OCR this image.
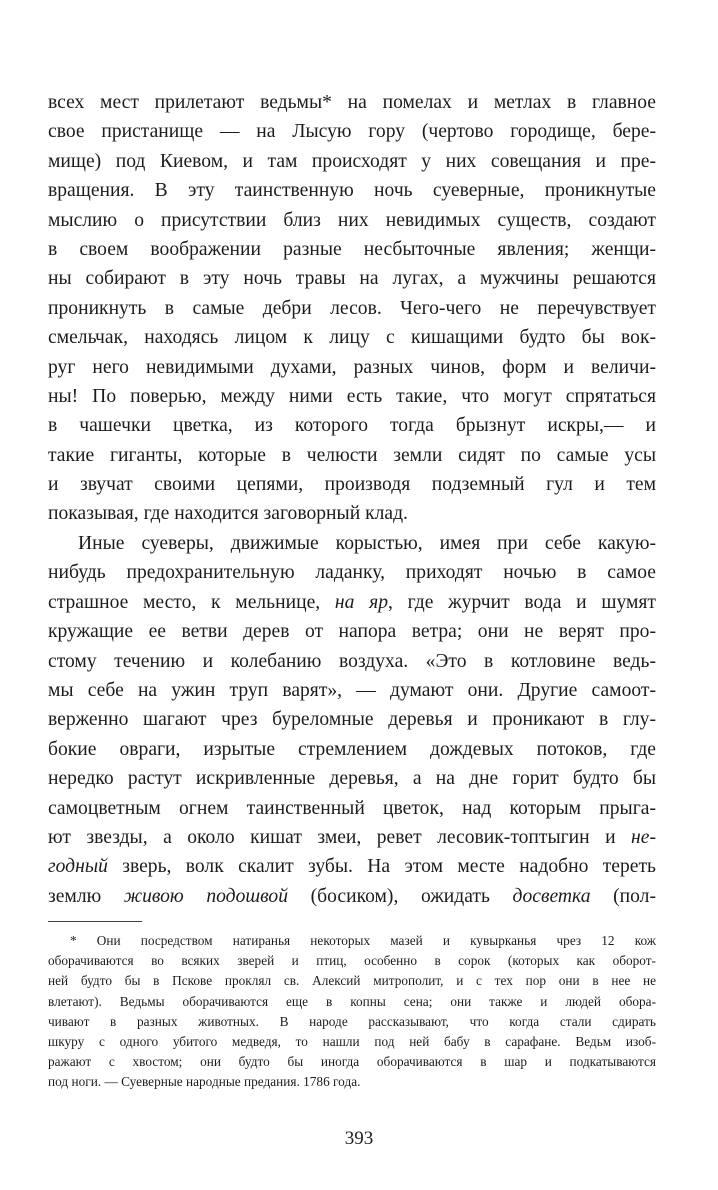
всех мест прилетают ведьмы* на помелах и метлах в главное
свое пристанище — на Лысую гору (чертово городище, бере-
мище) под Киевом, и там происходят у них совещания и пре-
вращения. В эту таинственную ночь суеверные, проникнутые
мыслию о присутствии близ них невидимых существ, создают
в своем воображении разные несбыточные явления; женщи-
ны собирают в эту ночь травы на лугах, а мужчины решаются
проникнуть в самые дебри лесов. Чего-чего не перечувствует
смельчак, находясь лицом к лицу с кишащими будто бы вок-
руг него невидимыми духами, разных чинов, форм и величи-
ны! По поверью, между ними есть такие, что могут спрятаться
в чашечки цветка, из которого тогда брызнут искры,— и
такие гиганты, которые в челюсти земли сидят по самые усы
и звучат своими цепями, производя подземный гул и тем
показывая, где находится заговорный клад.
Иные суеверы, движимые корыстью, имея при себе какую-
нибудь предохранительную ладанку, приходят ночью в самое
страшное место, к мельнице, на яр, где журчит вода и шумят
кружащие ее ветви дерев от напора ветра; они не верят про-
стому течению и колебанию воздуха. «Это в котловине ведь-
мы себе на ужин труп варят», — думают они. Другие самоот-
верженно шагают чрез буреломные деревья и проникают в глу-
бокие овраги, изрытые стремлением дождевых потоков, где
нередко растут искривленные деревья, а на дне горит будто бы
самоцветным огнем таинственный цветок, над которым прыга-
ют звезды, а около кишат змеи, ревет лесовик-топтыгин и не-
годный зверь, волк скалит зубы. На этом месте надобно тереть
землю живою подошвой (босиком), ожидать досветка (пол-
* Они посредством натиранья некоторых мазей и кувырканья чрез 12 кож
оборачиваются во всяких зверей и птиц, особенно в сорок (которых как оборот-
ней будто бы в Пскове проклял св. Алексий митрополит, и с тех пор они в нее не
влетают). Ведьмы оборачиваются еще в копны сена; они также и людей обора-
чивают в разных животных. В народе рассказывают, что когда стали сдирать
шкуру с одного убитого медведя, то нашли под ней бабу в сарафане. Ведьм изоб-
ражают с хвостом; они будто бы иногда оборачиваются в шар и подкатываются
под ноги. — Суеверные народные предания. 1786 года.
393
